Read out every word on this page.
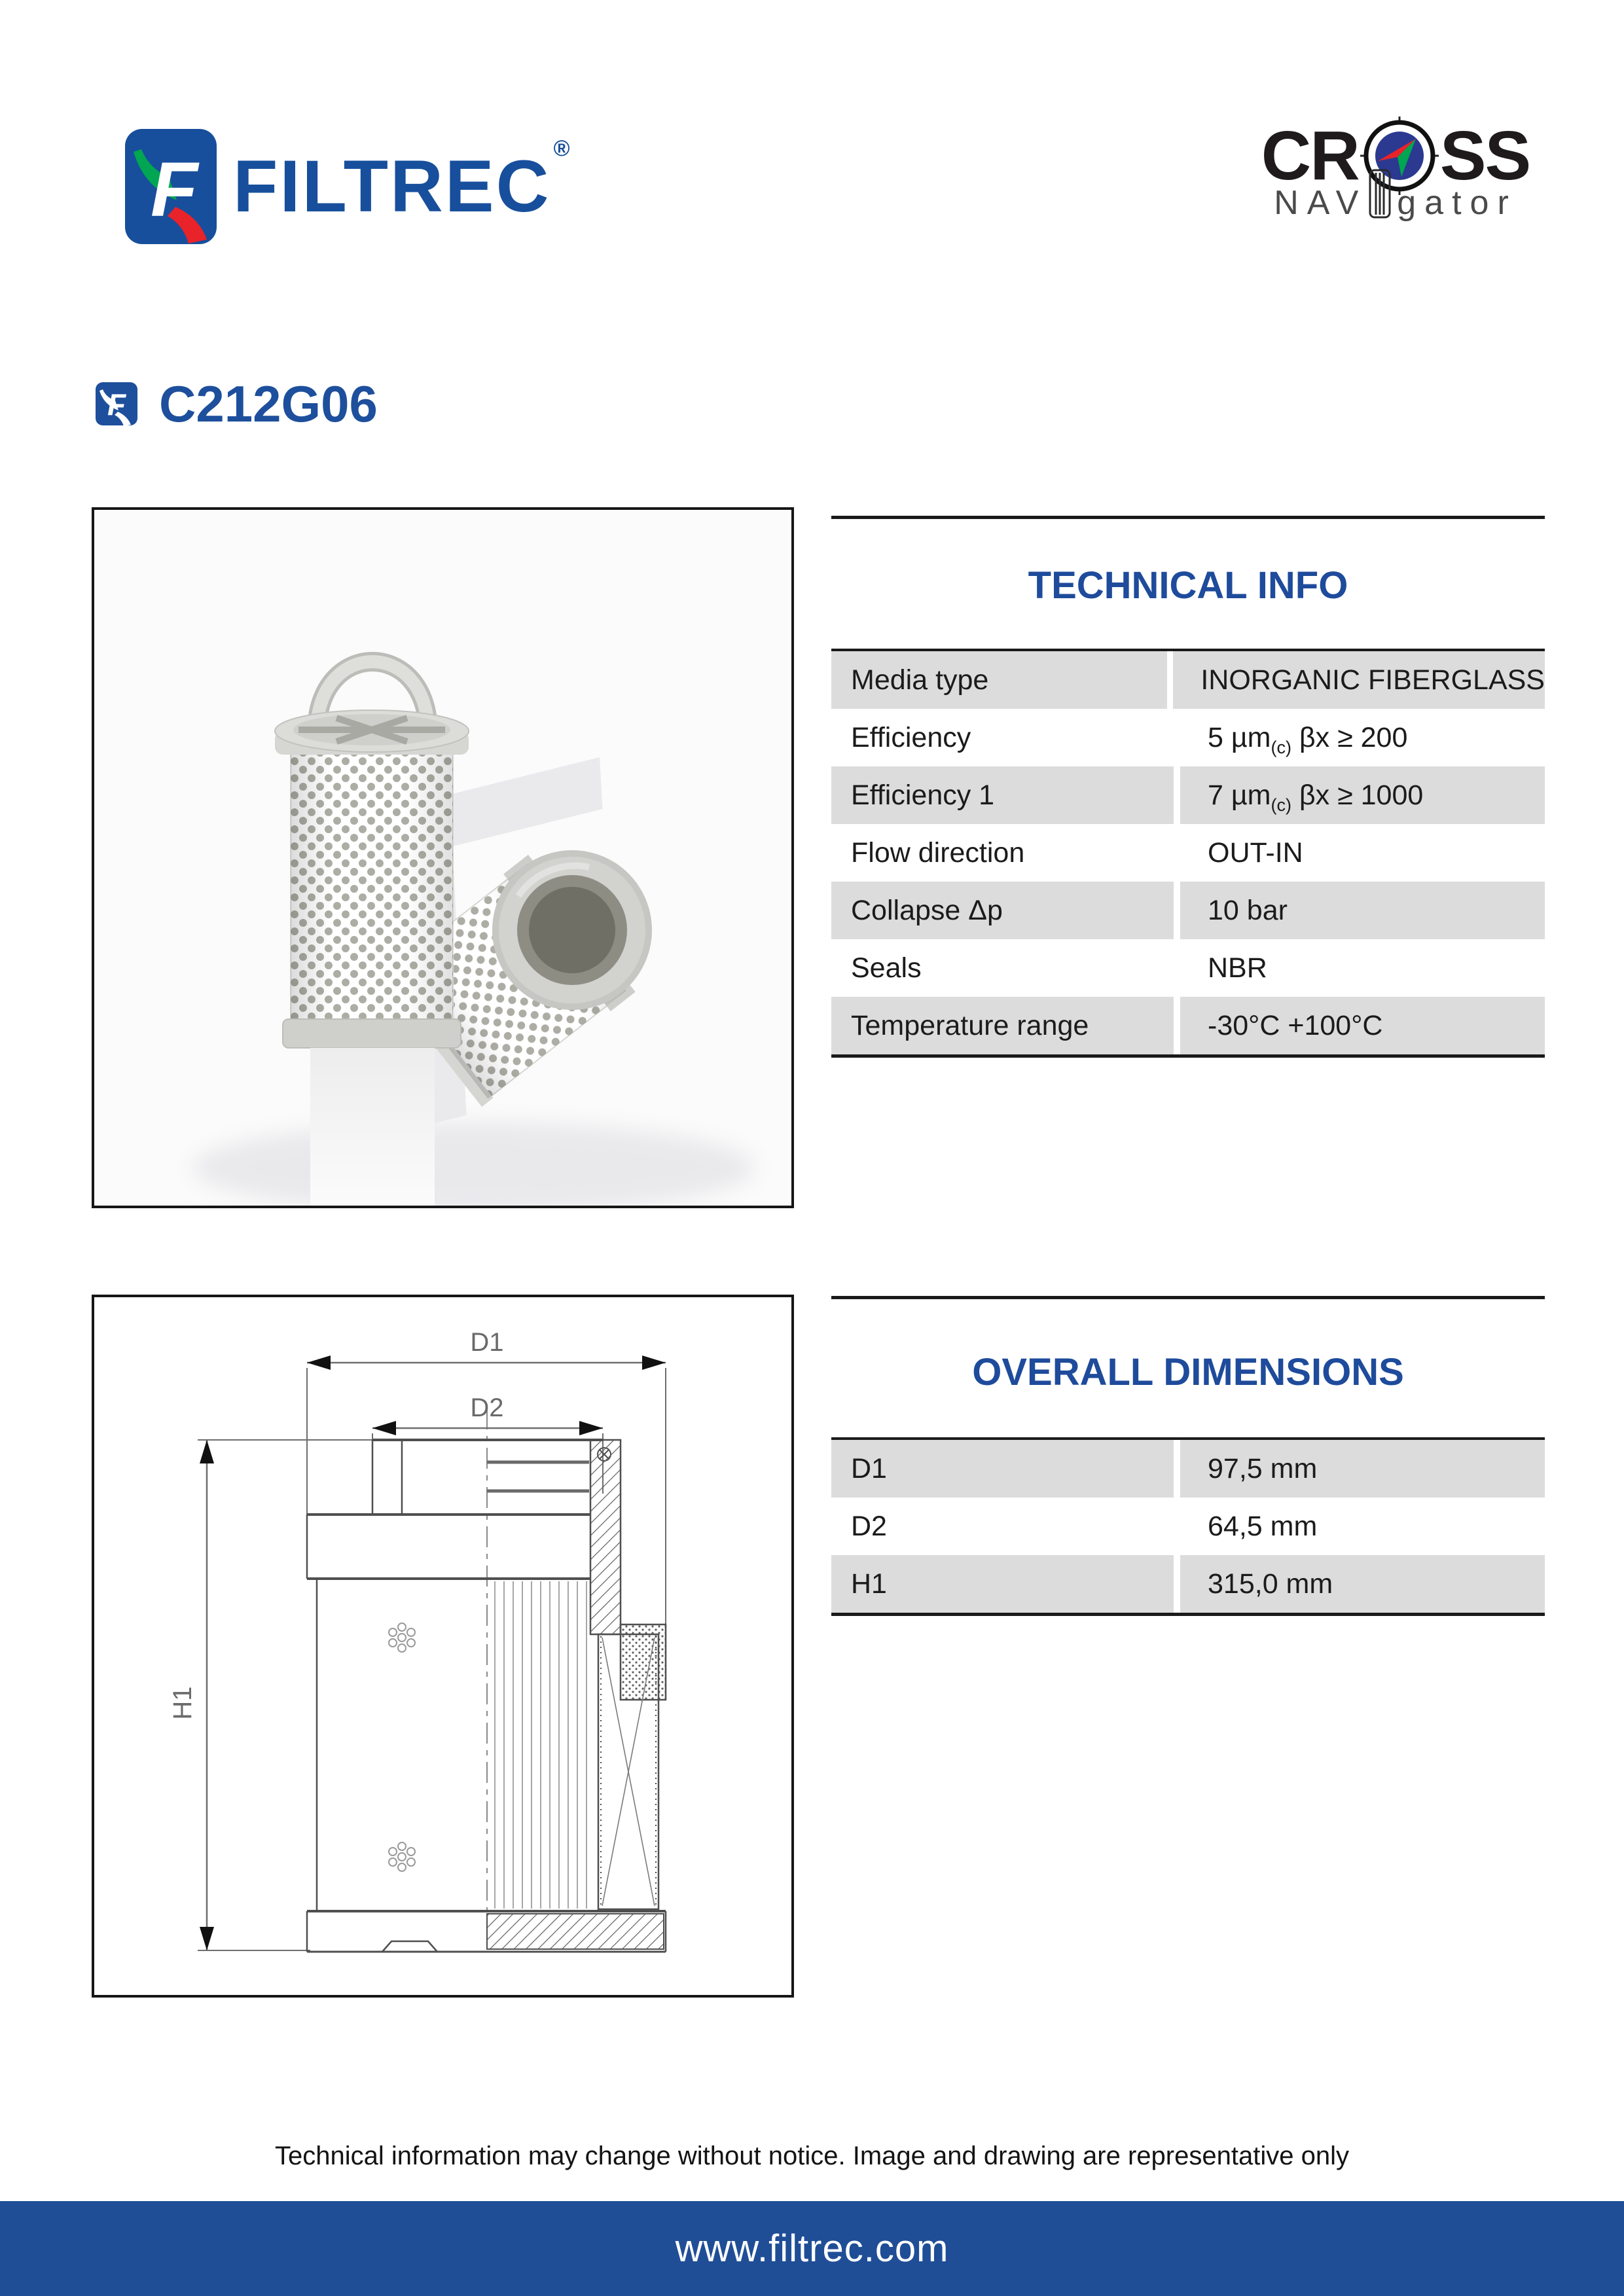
F FILTREC ®	CR SS
NAV gator
F C212G06
TECHNICAL INFO
Media type	INORGANIC FIBERGLASS
Efficiency	5 µm (c) βx ≥ 200
Efficiency 1	7 µm (c) βx ≥ 1000
Flow direction	OUT-IN
Collapse Δp	10 bar
Seals	NBR
Temperature range	-30°C +100°C
D1
D2
H1
OVERALL DIMENSIONS
D1	97,5 mm
D2	64,5 mm
H1	315,0 mm
Technical information may change without notice. Image and drawing are representative only
www.filtrec.com
